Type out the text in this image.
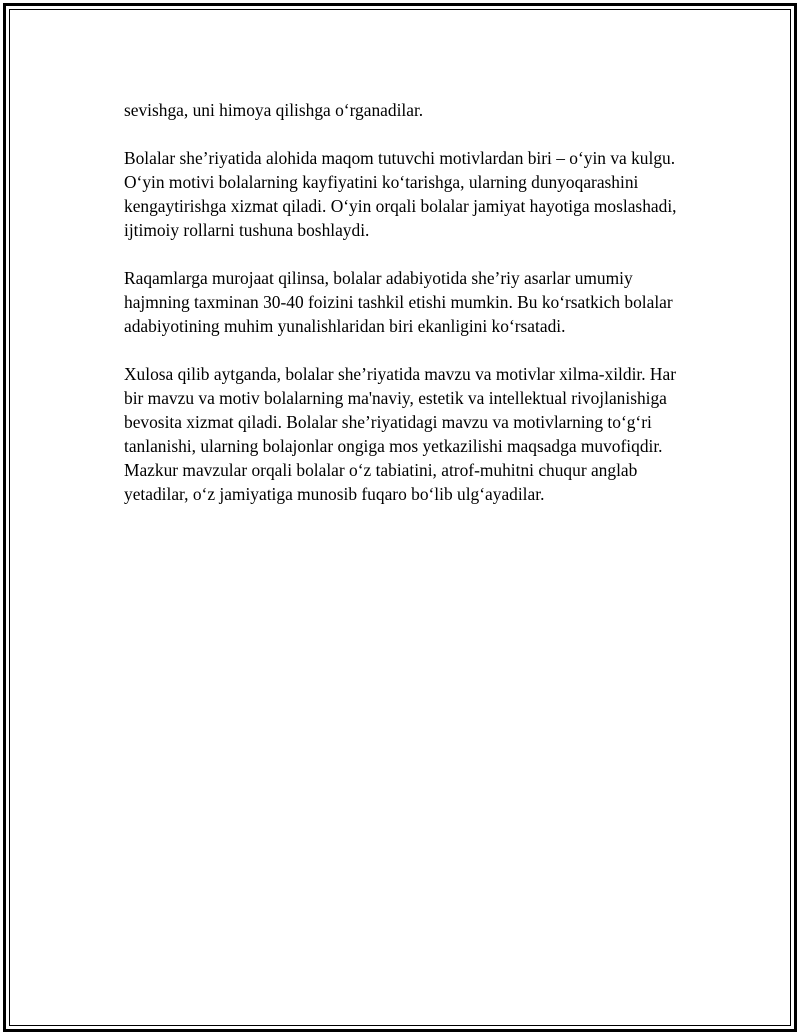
sevishga, uni himoya qilishga o‘rganadilar.

Bolalar she’riyatida alohida maqom tutuvchi motivlardan biri – o‘yin va kulgu. O‘yin motivi bolalarning kayfiyatini ko‘tarishga, ularning dunyoqarashini kengaytirishga xizmat qiladi. O‘yin orqali bolalar jamiyat hayotiga moslashadi, ijtimoiy rollarni tushuna boshlaydi.

Raqamlarga murojaat qilinsa, bolalar adabiyotida she’riy asarlar umumiy hajmning taxminan 30-40 foizini tashkil etishi mumkin. Bu ko‘rsatkich bolalar adabiyotining muhim yunalishlaridan biri ekanligini ko‘rsatadi.

Xulosa qilib aytganda, bolalar she’riyatida mavzu va motivlar xilma-xildir. Har bir mavzu va motiv bolalarning ma'naviy, estetik va intellektual rivojlanishiga bevosita xizmat qiladi. Bolalar she’riyatidagi mavzu va motivlarning to‘g‘ri tanlanishi, ularning bolajonlar ongiga mos yetkazilishi maqsadga muvofiqdir. Mazkur mavzular orqali bolalar o‘z tabiatini, atrof-muhitni chuqur anglab yetadilar, o‘z jamiyatiga munosib fuqaro bo‘lib ulg‘ayadilar.
